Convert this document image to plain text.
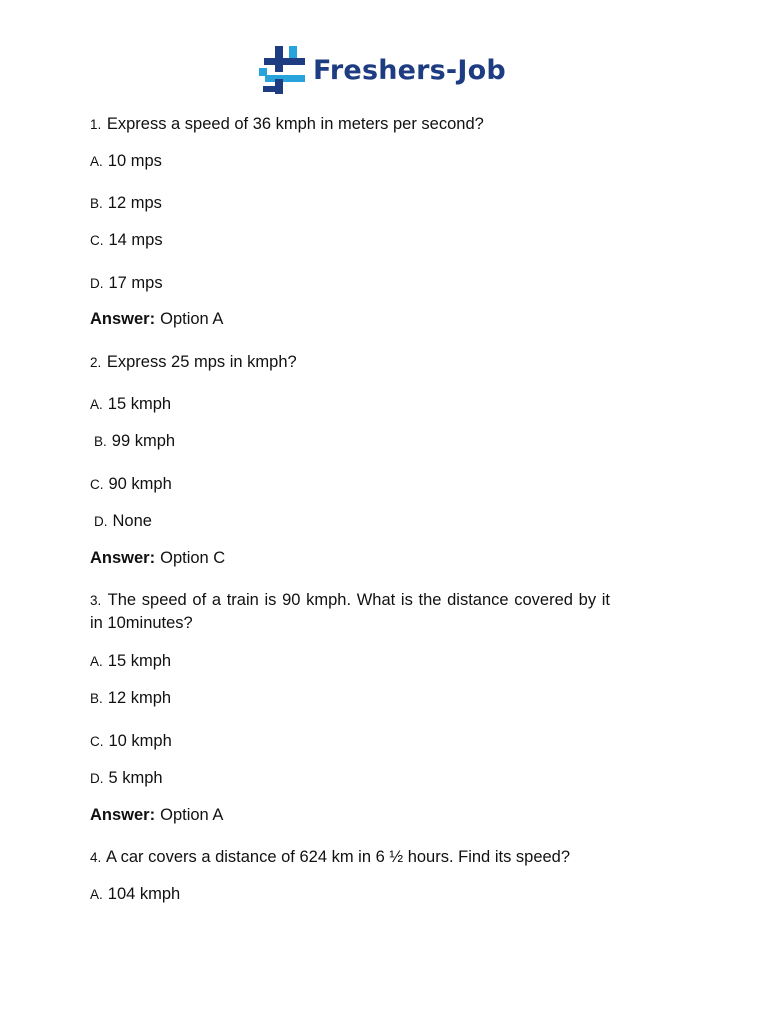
Freshers-Job
1. Express a speed of 36 kmph in meters per second?
A. 10 mps
B. 12 mps
C. 14 mps
D. 17 mps
Answer: Option A
2. Express 25 mps in kmph?
A. 15 kmph
B. 99 kmph
C. 90 kmph
D. None
Answer: Option C
3. The speed of a train is 90 kmph. What is the distance covered by it in 10minutes?
A. 15 kmph
B. 12 kmph
C. 10 kmph
D. 5 kmph
Answer: Option A
4. A car covers a distance of 624 km in 6 ½ hours. Find its speed?
A. 104 kmph
